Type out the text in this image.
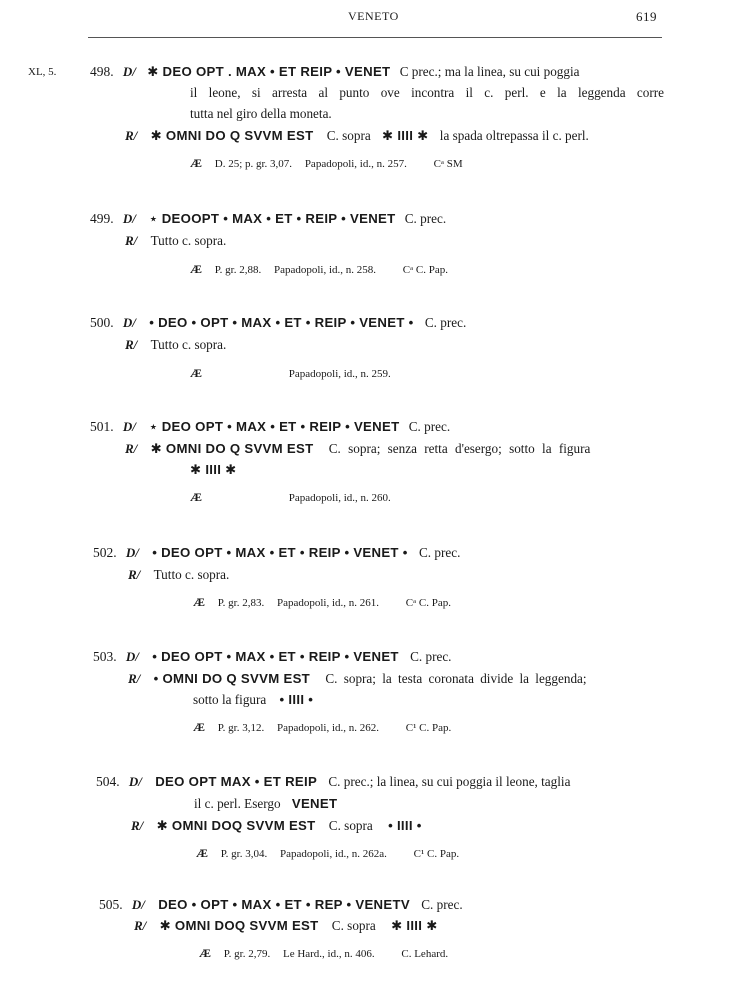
VENETO	619
XL, 5. 498. D/ ✱ DEO OPT . MAX • ET REIP • VENET C prec.; ma la linea, su cui poggia
il leone, si arresta al punto ove incontra il c. perl. e la leggenda corre
tutta nel giro della moneta.
R/ ✱ OMNI DO Q SVVM EST C. sopra ✱ IIII ✱ la spada oltrepassa il c. perl.
Æ D. 25; p. gr. 3,07. Papadopoli, id., n. 257. Cᵃ SM
499. D/ ⋆ DEOOPT • MAX • ET • REIP • VENET C. prec.
R/ Tutto c. sopra.
Æ P. gr. 2,88. Papadopoli, id., n. 258. Cᵃ C. Pap.
500. D/ • DEO • OPT • MAX • ET • REIP • VENET • C. prec.
R/ Tutto c. sopra.
Æ	Papadopoli, id., n. 259.
501. D/ ⋆ DEO OPT • MAX • ET • REIP • VENET C. prec.
R/ ✱ OMNI DO Q SVVM EST C. sopra; senza retta d'esergo; sotto la figura
✱ IIII ✱
Æ	Papadopoli, id., n. 260.
502. D/ • DEO OPT • MAX • ET • REIP • VENET • C. prec.
R/ Tutto c. sopra.
Æ P. gr. 2,83. Papadopoli, id., n. 261. Cᵃ C. Pap.
503. D/ • DEO OPT • MAX • ET • REIP • VENET C. prec.
R/ • OMNI DO Q SVVM EST C. sopra; la testa coronata divide la leggenda;
sotto la figura • IIII •
Æ P. gr. 3,12. Papadopoli, id., n. 262. C¹ C. Pap.
504. D/ DEO OPT MAX • ET REIP C. prec.; la linea, su cui poggia il leone, taglia
il c. perl. Esergo VENET
R/ ✱ OMNI DOQ SVVM EST C. sopra • IIII •
Æ P. gr. 3,04. Papadopoli, id., n. 262a. C¹ C. Pap.
505. D/ DEO • OPT • MAX • ET • REP • VENETV C. prec.
R/ ✱ OMNI DOQ SVVM EST C. sopra ✱ IIII ✱
Æ P. gr. 2,79. Le Hard., id., n. 406. C. Lehard.
